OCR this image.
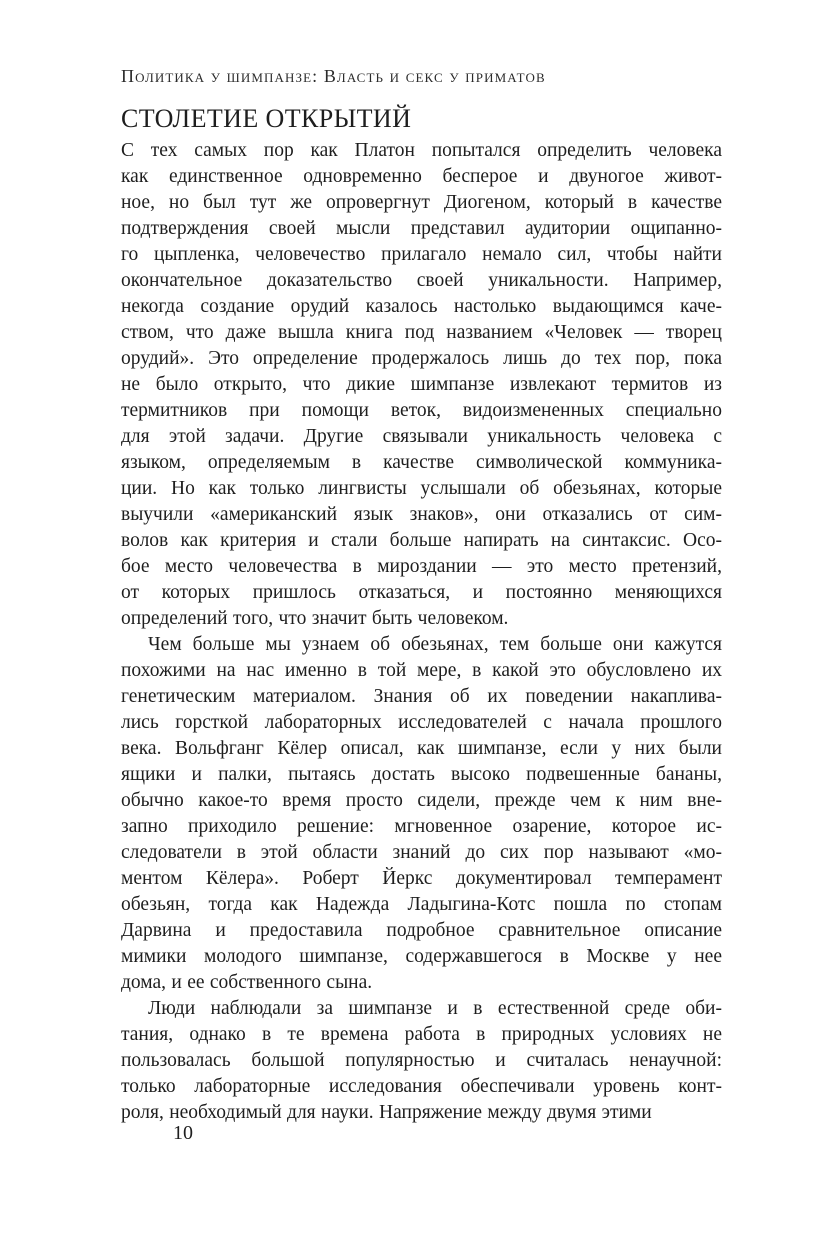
Политика у шимпанзе: Власть и секс у приматов
СТОЛЕТИЕ ОТКРЫТИЙ
С тех самых пор как Платон попытался определить человека
как единственное одновременно бесперое и двуногое живот-
ное, но был тут же опровергнут Диогеном, который в качестве
подтверждения своей мысли представил аудитории ощипанно-
го цыпленка, человечество прилагало немало сил, чтобы найти
окончательное доказательство своей уникальности. Например,
некогда создание орудий казалось настолько выдающимся каче-
ством, что даже вышла книга под названием «Человек — творец
орудий». Это определение продержалось лишь до тех пор, пока
не было открыто, что дикие шимпанзе извлекают термитов из
термитников при помощи веток, видоизмененных специально
для этой задачи. Другие связывали уникальность человека с
языком, определяемым в качестве символической коммуника-
ции. Но как только лингвисты услышали об обезьянах, которые
выучили «американский язык знаков», они отказались от сим-
волов как критерия и стали больше напирать на синтаксис. Осо-
бое место человечества в мироздании — это место претензий,
от которых пришлось отказаться, и постоянно меняющихся
определений того, что значит быть человеком.
Чем больше мы узнаем об обезьянах, тем больше они кажутся
похожими на нас именно в той мере, в какой это обусловлено их
генетическим материалом. Знания об их поведении накаплива-
лись горсткой лабораторных исследователей с начала прошлого
века. Вольфганг Кёлер описал, как шимпанзе, если у них были
ящики и палки, пытаясь достать высоко подвешенные бананы,
обычно какое-то время просто сидели, прежде чем к ним вне-
запно приходило решение: мгновенное озарение, которое ис-
следователи в этой области знаний до сих пор называют «мо-
ментом Кёлера». Роберт Йеркс документировал темперамент
обезьян, тогда как Надежда Ладыгина-Котс пошла по стопам
Дарвина и предоставила подробное сравнительное описание
мимики молодого шимпанзе, содержавшегося в Москве у нее
дома, и ее собственного сына.
Люди наблюдали за шимпанзе и в естественной среде оби-
тания, однако в те времена работа в природных условиях не
пользовалась большой популярностью и считалась ненаучной:
только лабораторные исследования обеспечивали уровень конт-
роля, необходимый для науки. Напряжение между двумя этими
10
